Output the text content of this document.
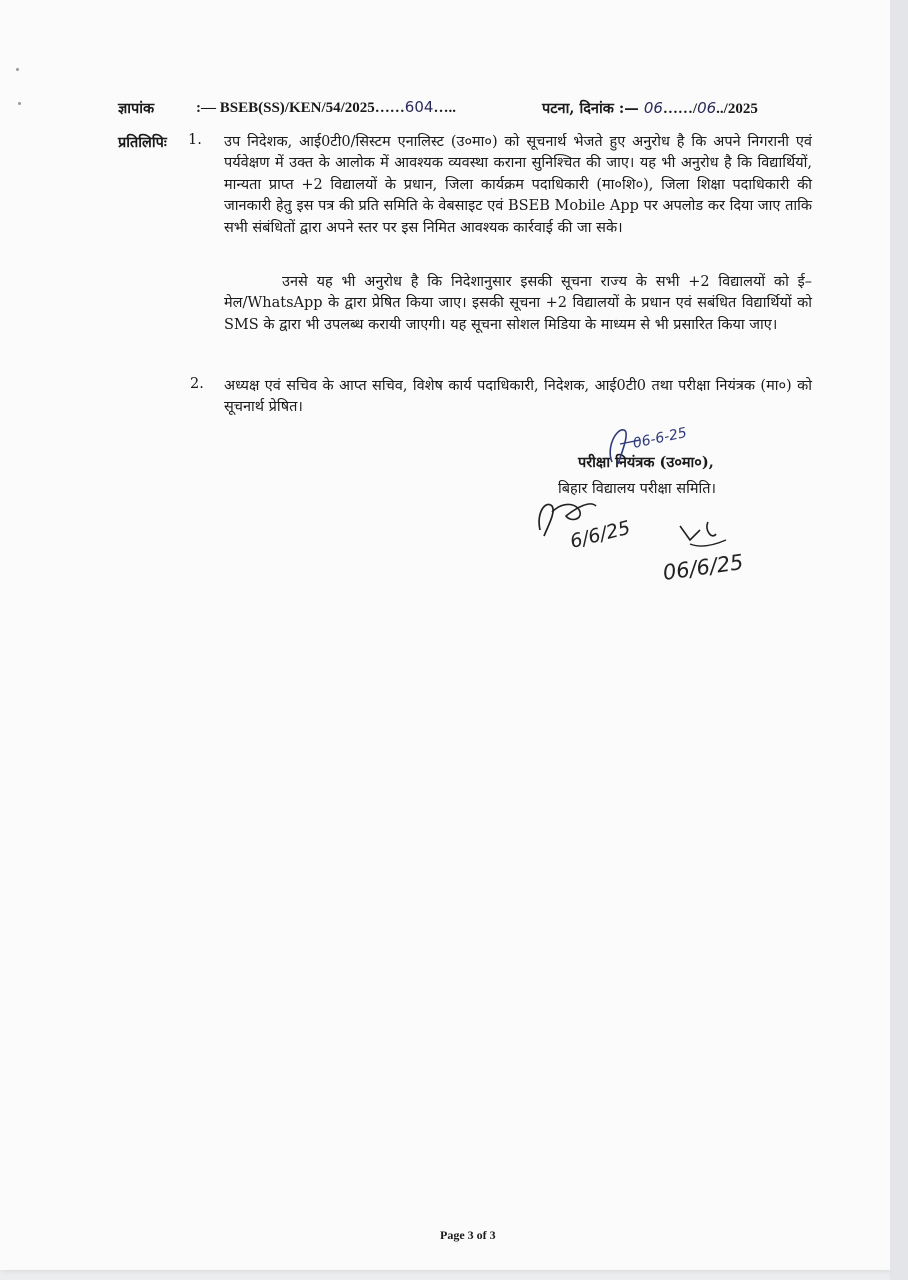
ज्ञापांक	:— BSEB(SS)/KEN/54/2025……604…..	पटना, दिनांक :— 06……/06../2025
प्रतिलिपिः 1. उप निदेशक, आई0टी0/सिस्टम एनालिस्ट (उ०मा०) को सूचनार्थ भेजते हुए अनुरोध है कि अपने निगरानी एवं पर्यवेक्षण में उक्त के आलोक में आवश्यक व्यवस्था कराना सुनिश्चित की जाए। यह भी अनुरोध है कि विद्यार्थियों, मान्यता प्राप्त +2 विद्यालयों के प्रधान, जिला कार्यक्रम पदाधिकारी (मा०शि०), जिला शिक्षा पदाधिकारी की जानकारी हेतु इस पत्र की प्रति समिति के वेबसाइट एवं BSEB Mobile App पर अपलोड कर दिया जाए ताकि सभी संबंधितों द्वारा अपने स्तर पर इस निमित आवश्यक कार्रवाई की जा सके।
उनसे यह भी अनुरोध है कि निदेशानुसार इसकी सूचना राज्य के सभी +2 विद्यालयों को ई–मेल/WhatsApp के द्वारा प्रेषित किया जाए। इसकी सूचना +2 विद्यालयों के प्रधान एवं सबंधित विद्यार्थियों को SMS के द्वारा भी उपलब्ध करायी जाएगी। यह सूचना सोशल मिडिया के माध्यम से भी प्रसारित किया जाए।
2. अध्यक्ष एवं सचिव के आप्त सचिव, विशेष कार्य पदाधिकारी, निदेशक, आई0टी0 तथा परीक्षा नियंत्रक (मा०) को सूचनार्थ प्रेषित।
परीक्षा नियंत्रक (उ०मा०),
बिहार विद्यालय परीक्षा समिति।
06-6-25
6/6/25
06/6/25
Page 3 of 3
